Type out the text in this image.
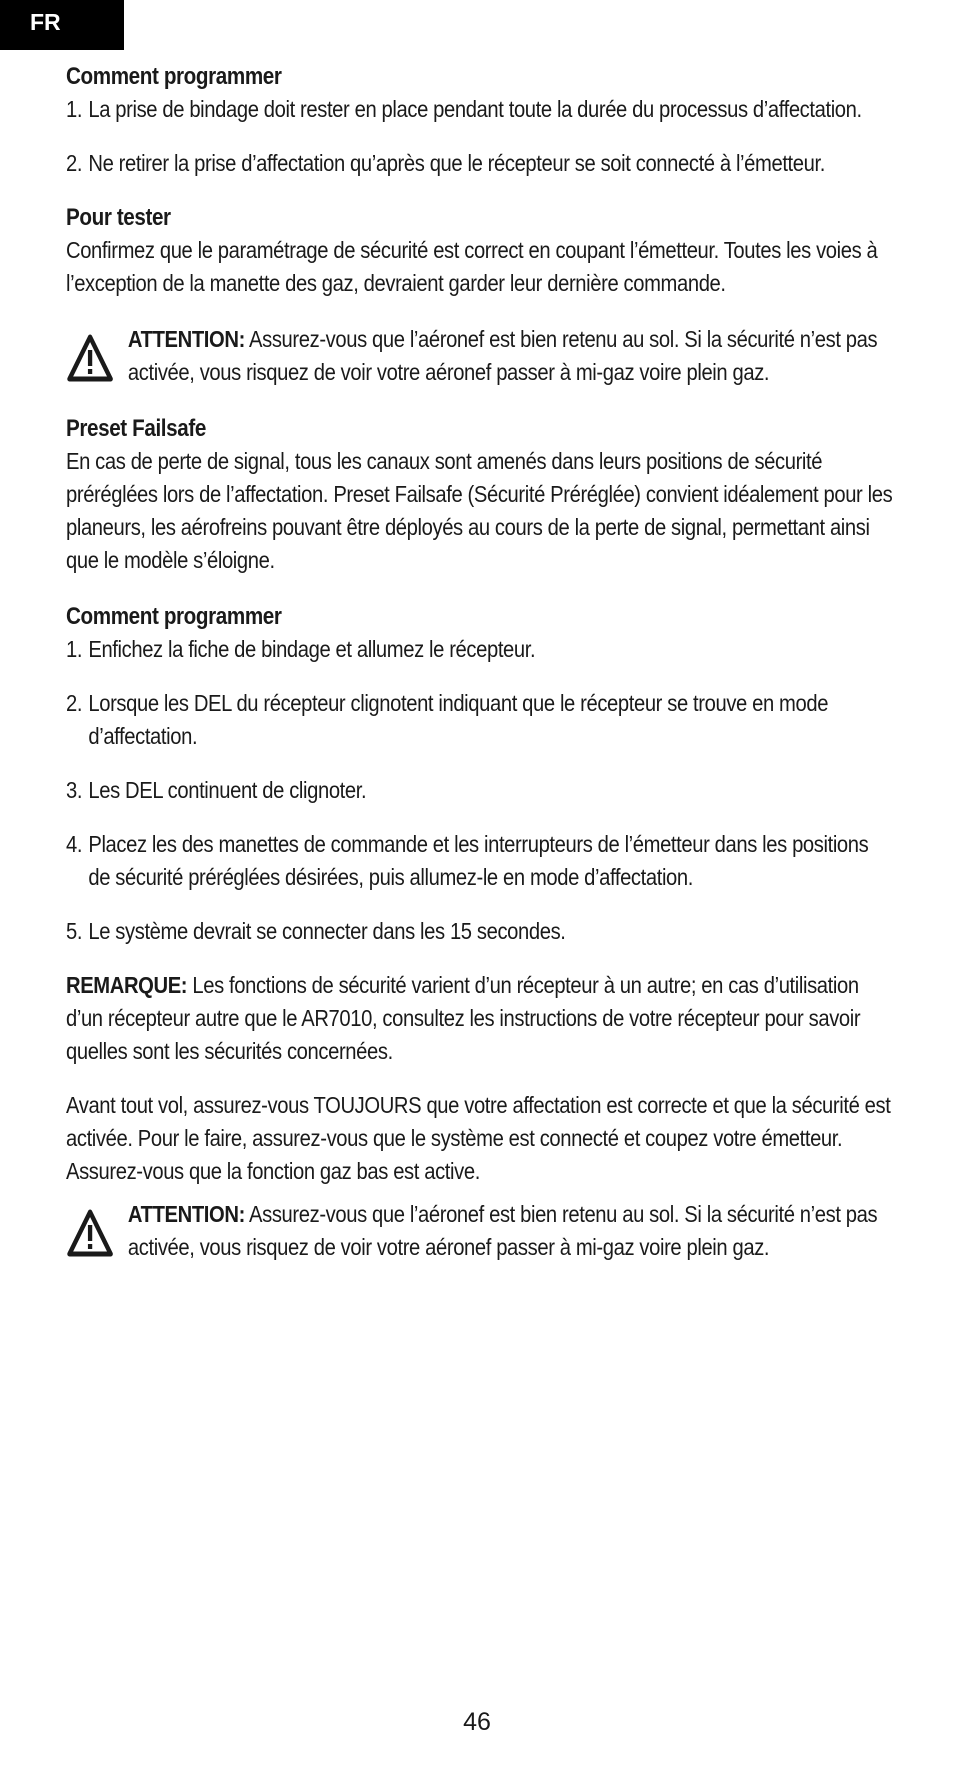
FR
Comment programmer
1. La prise de bindage doit rester en place pendant toute la durée du processus d’affectation.
2. Ne retirer la prise d’affectation qu’après que le récepteur se soit connecté à l’émetteur.
Pour tester

Confirmez que le paramétrage de sécurité est correct en coupant l’émetteur. Toutes les voies à l’exception de la manette des gaz, devraient garder leur dernière commande.

ATTENTION: Assurez-vous que l’aéronef est bien retenu au sol. Si la sécurité n’est pas activée, vous risquez de voir votre aéronef passer à mi-gaz voire plein gaz.
Preset Failsafe

En cas de perte de signal, tous les canaux sont amenés dans leurs positions de sécurité préréglées lors de l’affectation. Preset Failsafe (Sécurité Préréglée) convient idéalement pour les planeurs, les aérofreins pouvant être déployés au cours de la perte de signal, permettant ainsi que le modèle s’éloigne.

Comment programmer
1. Enfichez la fiche de bindage et allumez le récepteur.
2. Lorsque les DEL du récepteur clignotent indiquant que le récepteur se trouve en mode d’affectation.
3. Les DEL continuent de clignoter.
4. Placez les des manettes de commande et les interrupteurs de l’émetteur dans les positions de sécurité préréglées désirées, puis allumez-le en mode d’affectation.
5. Le système devrait se connecter dans les 15 secondes.

REMARQUE: Les fonctions de sécurité varient d’un récepteur à un autre; en cas d’utilisation d’un récepteur autre que le AR7010, consultez les instructions de votre récepteur pour savoir quelles sont les sécurités concernées.

Avant tout vol, assurez-vous TOUJOURS que votre affectation est correcte et que la sécurité est activée. Pour le faire, assurez-vous que le système est connecté et coupez votre émetteur. Assurez-vous que la fonction gaz bas est active.

ATTENTION: Assurez-vous que l’aéronef est bien retenu au sol. Si la sécurité n’est pas activée, vous risquez de voir votre aéronef passer à mi-gaz voire plein gaz.
46
